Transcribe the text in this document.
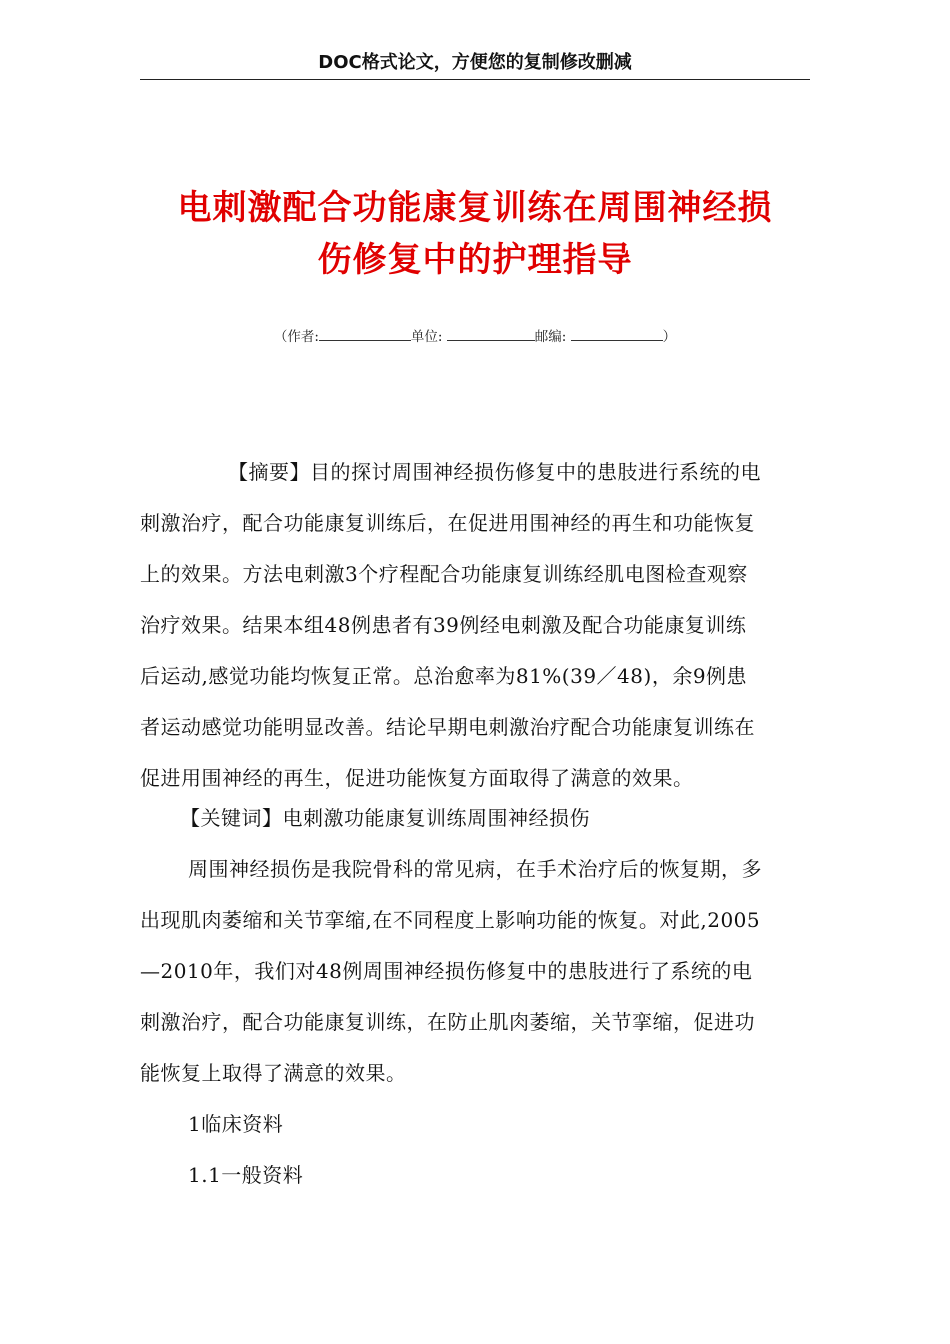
DOC格式论文，方便您的复制修改删减
电刺激配合功能康复训练在周围神经损
伤修复中的护理指导
（作者:	单位:	邮编:	）
【摘要】目的探讨周围神经损伤修复中的患肢进行系统的电
刺激治疗，配合功能康复训练后，在促进用围神经的再生和功能恢复
上的效果。方法电刺激3个疗程配合功能康复训练经肌电图检查观察
治疗效果。结果本组48例患者有39例经电刺激及配合功能康复训练
后运动,感觉功能均恢复正常。总治愈率为81%(39／48)，余9例患
者运动感觉功能明显改善。结论早期电刺激治疗配合功能康复训练在
促进用围神经的再生，促进功能恢复方面取得了满意的效果。
【关键词】电刺激功能康复训练周围神经损伤
周围神经损伤是我院骨科的常见病，在手术治疗后的恢复期，多
出现肌肉萎缩和关节挛缩,在不同程度上影响功能的恢复。对此,2005
—2010年，我们对48例周围神经损伤修复中的患肢进行了系统的电
刺激治疗，配合功能康复训练，在防止肌肉萎缩，关节挛缩，促进功
能恢复上取得了满意的效果。
1临床资料
1.1一般资料
